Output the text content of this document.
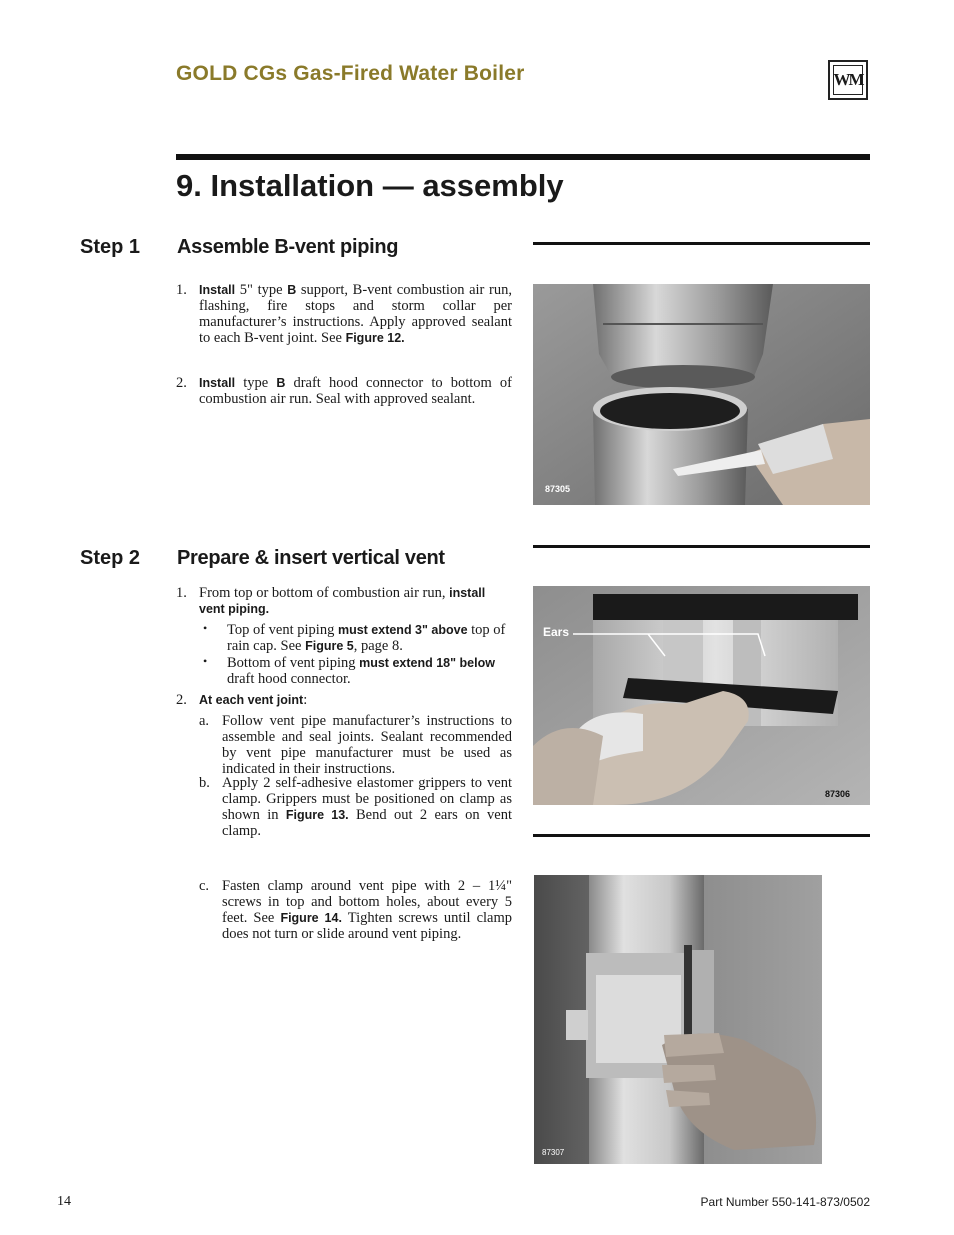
GOLD CGs Gas-Fired Water Boiler	WM
9. Installation — assembly
Step 1 Assemble B-vent piping
1. Install 5" type B support, B-vent combustion air run, flashing, fire stops and storm collar per manufacturer’s instructions. Apply approved sealant to each B-vent joint. See Figure 12.
2. Install type B draft hood connector to bottom of combustion air run. Seal with approved sealant.
87305
Step 2 Prepare & insert vertical vent
1. From top or bottom of combustion air run, install vent piping.
• Top of vent piping must extend 3" above top of rain cap. See Figure 5, page 8.
• Bottom of vent piping must extend 18" below draft hood connector.
2. At each vent joint:
a. Follow vent pipe manufacturer’s instructions to assemble and seal joints. Sealant recommended by vent pipe manufacturer must be used as indicated in their instructions.
b. Apply 2 self-adhesive elastomer grippers to vent clamp. Grippers must be positioned on clamp as shown in Figure 13. Bend out 2 ears on vent clamp.
c. Fasten clamp around vent pipe with 2 – 1¼" screws in top and bottom holes, about every 5 feet. See Figure 14. Tighten screws until clamp does not turn or slide around vent piping.
Ears
87306
87307
14	Part Number 550-141-873/0502
